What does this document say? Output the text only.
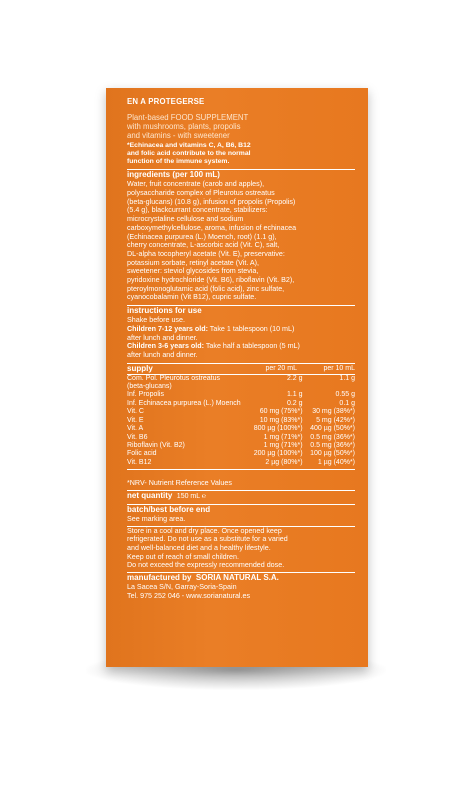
EN A PROTEGERSE
Plant-based FOOD SUPPLEMENT
with mushrooms, plants, propolis
and vitamins - with sweetener
*Echinacea and vitamins C, A, B6, B12
and folic acid contribute to the normal
function of the immune system.
ingredients (per 100 mL)
Water, fruit concentrate (carob and apples),
polysaccharide complex of Pleurotus ostreatus
(beta-glucans) (10.8 g), infusion of propolis (Propolis)
(5.4 g), blackcurrant concentrate, stabilizers:
microcrystaline cellulose and sodium
carboxymethylcellulose, aroma, infusion of echinacea
(Echinacea purpurea (L.) Moench, root) (1.1 g),
cherry concentrate, L-ascorbic acid (Vit. C), salt,
DL-alpha tocopheryl acetate (Vit. E), preservative:
potassium sorbate, retinyl acetate (Vit. A),
sweetener: steviol glycosides from stevia,
pyridoxine hydrochloride (Vit. B6), riboflavin (Vit. B2),
pteroylmonoglutamic acid (folic acid), zinc sulfate,
cyanocobalamin (Vit B12), cupric sulfate.
instructions for use
Shake before use.
Children 7-12 years old: Take 1 tablespoon (10 mL)
after lunch and dinner.
Children 3-6 years old: Take half a tablespoon (5 mL)
after lunch and dinner.
supply	per 20 mL	per 10 mL
Com. Pol. Pleurotus ostreatus	2.2 g	1.1 g
(beta-glucans)		
Inf. Propolis	1.1 g	0.55 g
Inf. Echinacea purpurea (L.) Moench	0.2 g	0.1 g
Vit. C	60 mg (75%*)	30 mg (38%*)
Vit. E	10 mg (83%*)	5 mg (42%*)
Vit. A	800 µg (100%*)	400 µg (50%*)
Vit. B6	1 mg (71%*)	0.5 mg (36%*)
Riboflavin (Vit. B2)	1 mg (71%*)	0.5 mg (36%*)
Folic acid	200 µg (100%*)	100 µg (50%*)
Vit. B12	2 µg (80%*)	1 µg (40%*)
*NRV- Nutrient Reference Values
net quantity 150 mL ℮
batch/best before end
See marking area.
Store in a cool and dry place. Once opened keep
refrigerated. Do not use as a substitute for a varied
and well-balanced diet and a healthy lifestyle.
Keep out of reach of small children.
Do not exceed the expressly recommended dose.
manufactured by SORIA NATURAL S.A.
La Sacea S/N, Garray-Soria-Spain
Tel. 975 252 046 - www.sorianatural.es
